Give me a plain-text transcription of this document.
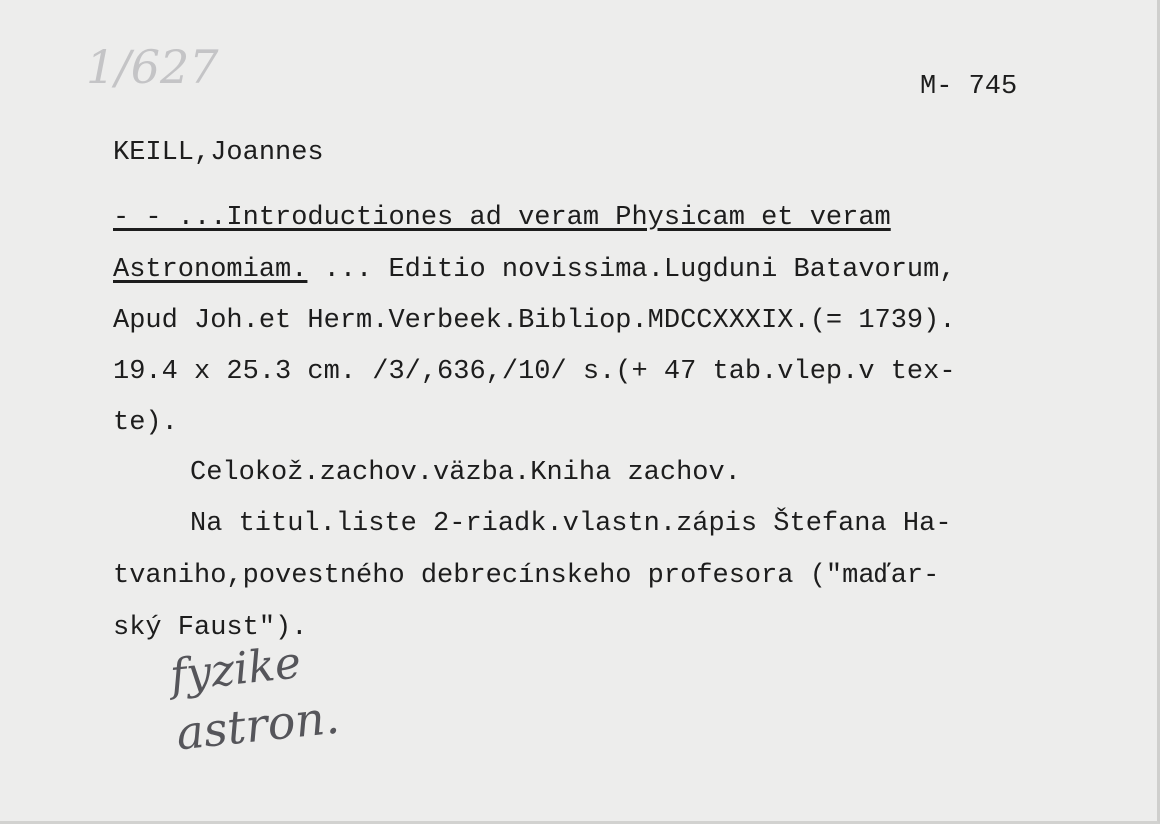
1/627	M- 745
KEILL,Joannes
- - ...Introductiones ad veram Physicam et veram
Astronomiam. ... Editio novissima.Lugduni Batavorum,
Apud Joh.et Herm.Verbeek.Bibliop.MDCCXXXIX.(= 1739).
19.4 x 25.3 cm. /3/,636,/10/ s.(+ 47 tab.vlep.v tex-
te).
Celokož.zachov.väzba.Kniha zachov.
Na titul.liste 2-riadk.vlastn.zápis Štefana Ha-
tvaniho,povestného debrecínskeho profesora ("maďar-
ský Faust").
fyzike
astron.
